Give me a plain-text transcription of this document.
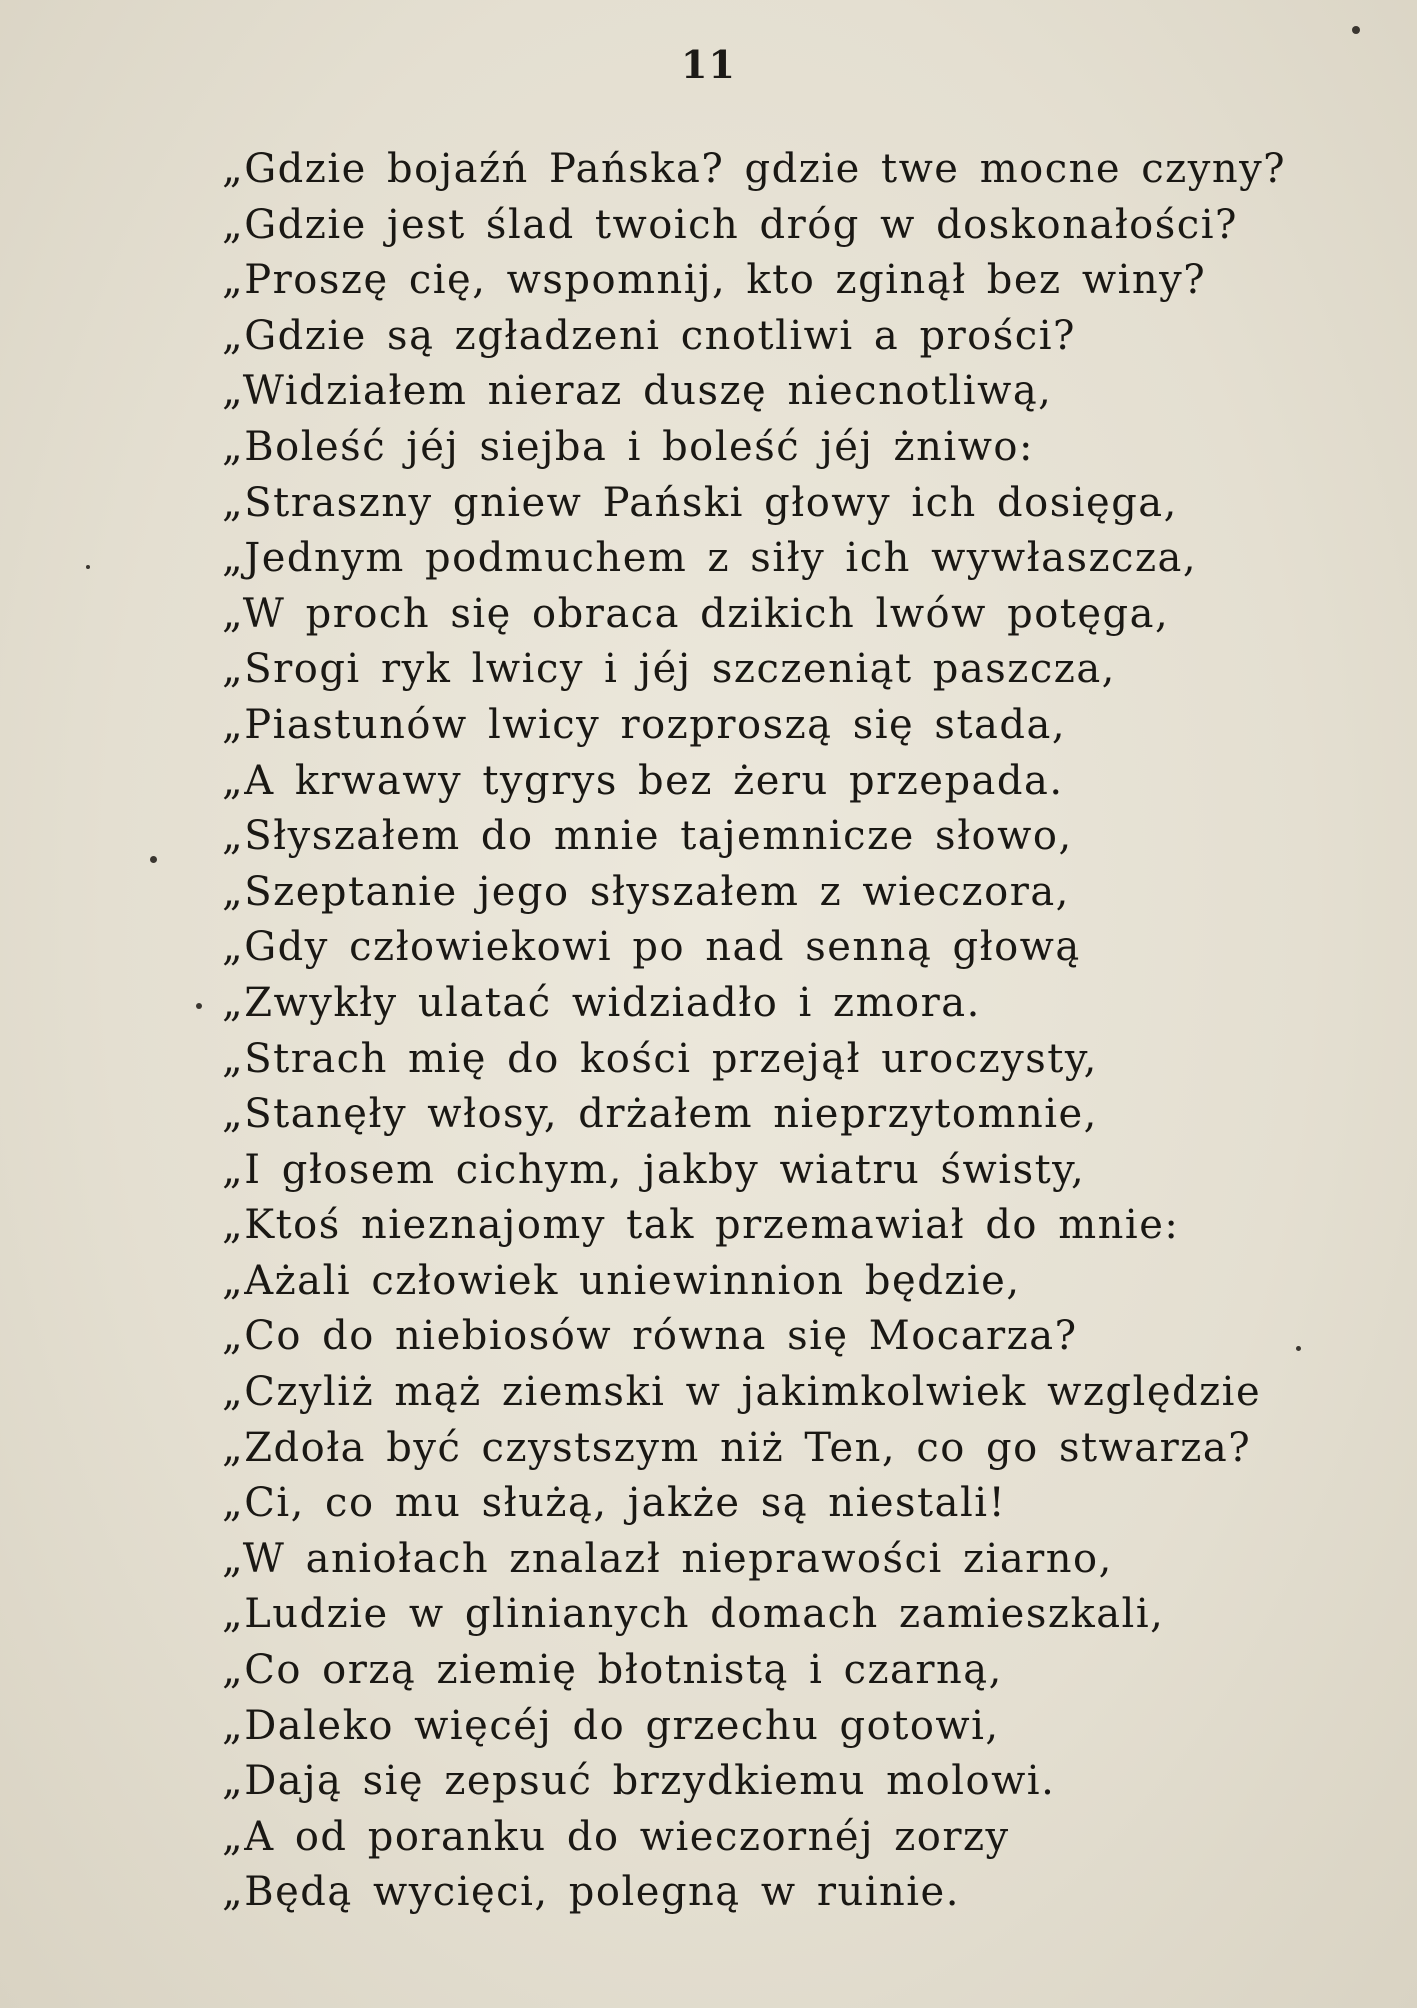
11
„Gdzie bojaźń Pańska? gdzie twe mocne czyny?
„Gdzie jest ślad twoich dróg w doskonałości?
„Proszę cię, wspomnij, kto zginął bez winy?
„Gdzie są zgładzeni cnotliwi a prości?
„Widziałem nieraz duszę niecnotliwą,
„Boleść jéj siejba i boleść jéj żniwo:
„Straszny gniew Pański głowy ich dosięga,
„Jednym podmuchem z siły ich wywłaszcza,
„W proch się obraca dzikich lwów potęga,
„Srogi ryk lwicy i jéj szczeniąt paszcza,
„Piastunów lwicy rozproszą się stada,
„A krwawy tygrys bez żeru przepada.
„Słyszałem do mnie tajemnicze słowo,
„Szeptanie jego słyszałem z wieczora,
„Gdy człowiekowi po nad senną głową
„Zwykły ulatać widziadło i zmora.
„Strach mię do kości przejął uroczysty,
„Stanęły włosy, drżałem nieprzytomnie,
„I głosem cichym, jakby wiatru świsty,
„Ktoś nieznajomy tak przemawiał do mnie:
„Ażali człowiek uniewinnion będzie,
„Co do niebiosów równa się Mocarza?
„Czyliż mąż ziemski w jakimkolwiek względzie
„Zdoła być czystszym niż Ten, co go stwarza?
„Ci, co mu służą, jakże są niestali!
„W aniołach znalazł nieprawości ziarno,
„Ludzie w glinianych domach zamieszkali,
„Co orzą ziemię błotnistą i czarną,
„Daleko więcéj do grzechu gotowi,
„Dają się zepsuć brzydkiemu molowi.
„A od poranku do wieczornéj zorzy
„Będą wycięci, polegną w ruinie.
